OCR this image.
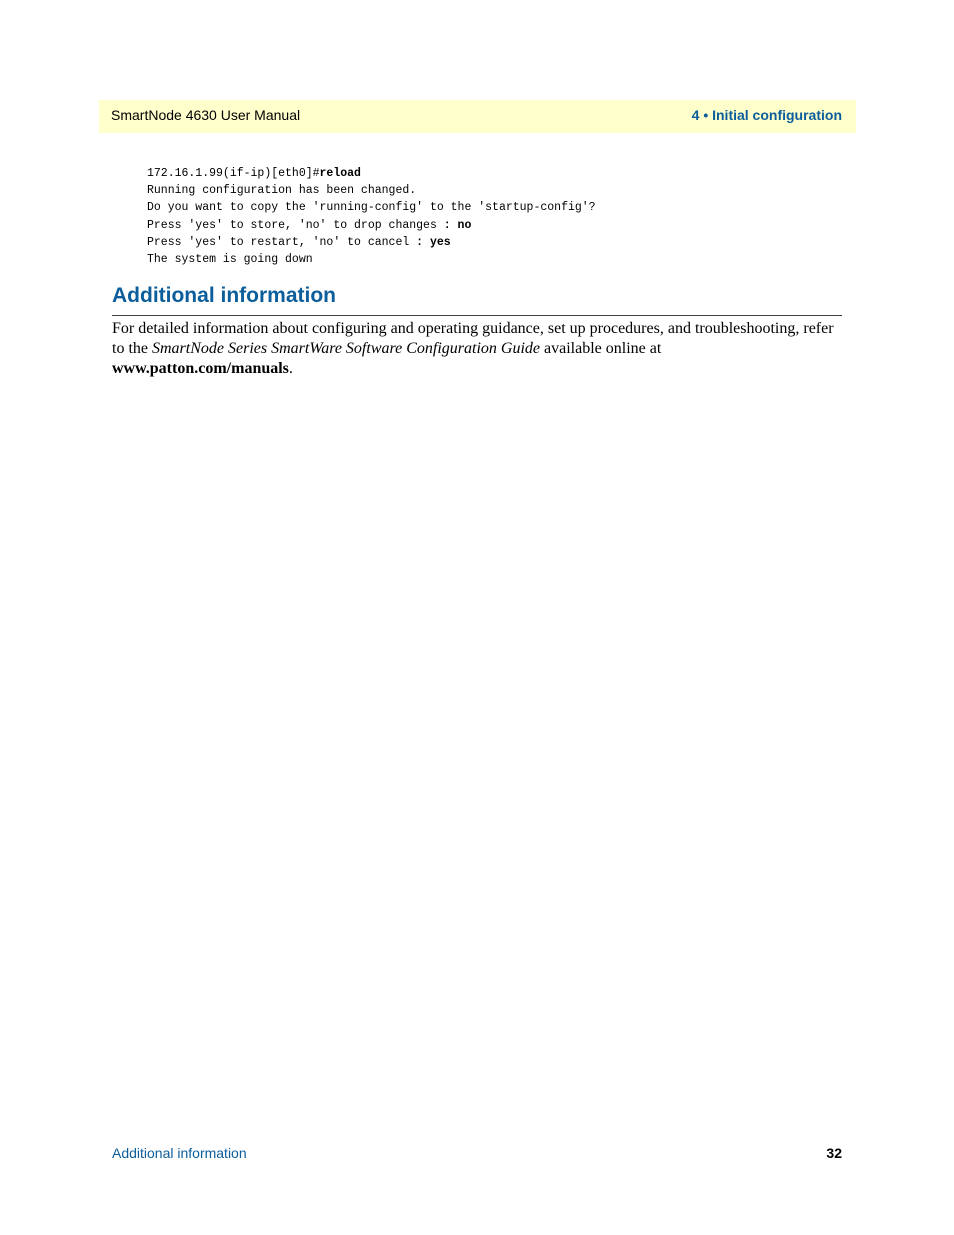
SmartNode 4630 User Manual	4 • Initial configuration
172.16.1.99(if-ip)[eth0]#reload
Running configuration has been changed.
Do you want to copy the 'running-config' to the 'startup-config'?
Press 'yes' to store, 'no' to drop changes : no
Press 'yes' to restart, 'no' to cancel : yes
The system is going down
Additional information

For detailed information about configuring and operating guidance, set up procedures, and troubleshooting, refer to the SmartNode Series SmartWare Software Configuration Guide available online at www.patton.com/manuals.

Additional information	32
